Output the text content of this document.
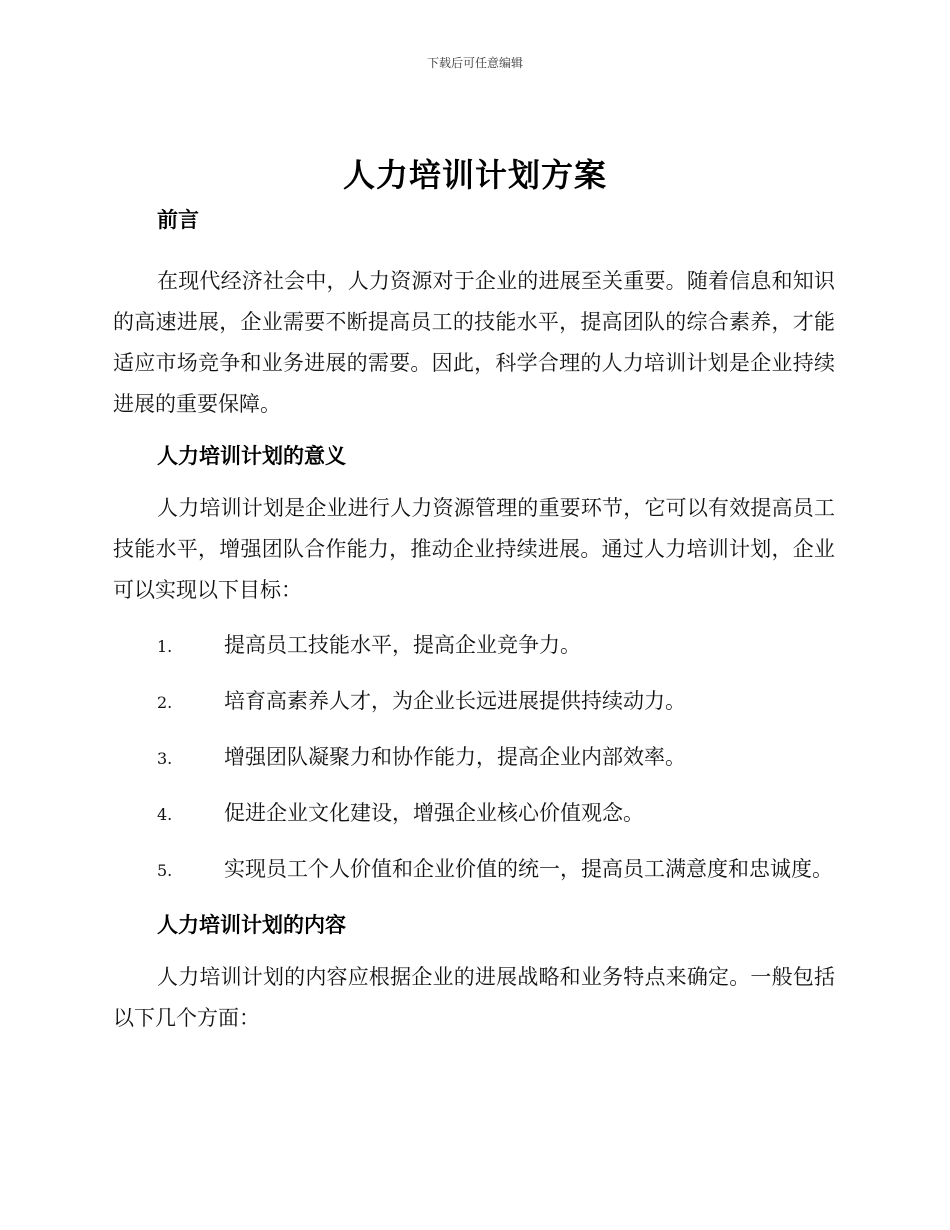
下载后可任意编辑
人力培训计划方案

前言

在现代经济社会中，人力资源对于企业的进展至关重要。随着信息和知识的高速进展，企业需要不断提高员工的技能水平，提高团队的综合素养，才能适应市场竞争和业务进展的需要。因此，科学合理的人力培训计划是企业持续进展的重要保障。

人力培训计划的意义

人力培训计划是企业进行人力资源管理的重要环节，它可以有效提高员工技能水平，增强团队合作能力，推动企业持续进展。通过人力培训计划，企业可以实现以下目标：

1. 提高员工技能水平，提高企业竞争力。
2. 培育高素养人才，为企业长远进展提供持续动力。
3. 增强团队凝聚力和协作能力，提高企业内部效率。
4. 促进企业文化建设，增强企业核心价值观念。
5. 实现员工个人价值和企业价值的统一，提高员工满意度和忠诚度。

人力培训计划的内容

人力培训计划的内容应根据企业的进展战略和业务特点来确定。一般包括以下几个方面：
